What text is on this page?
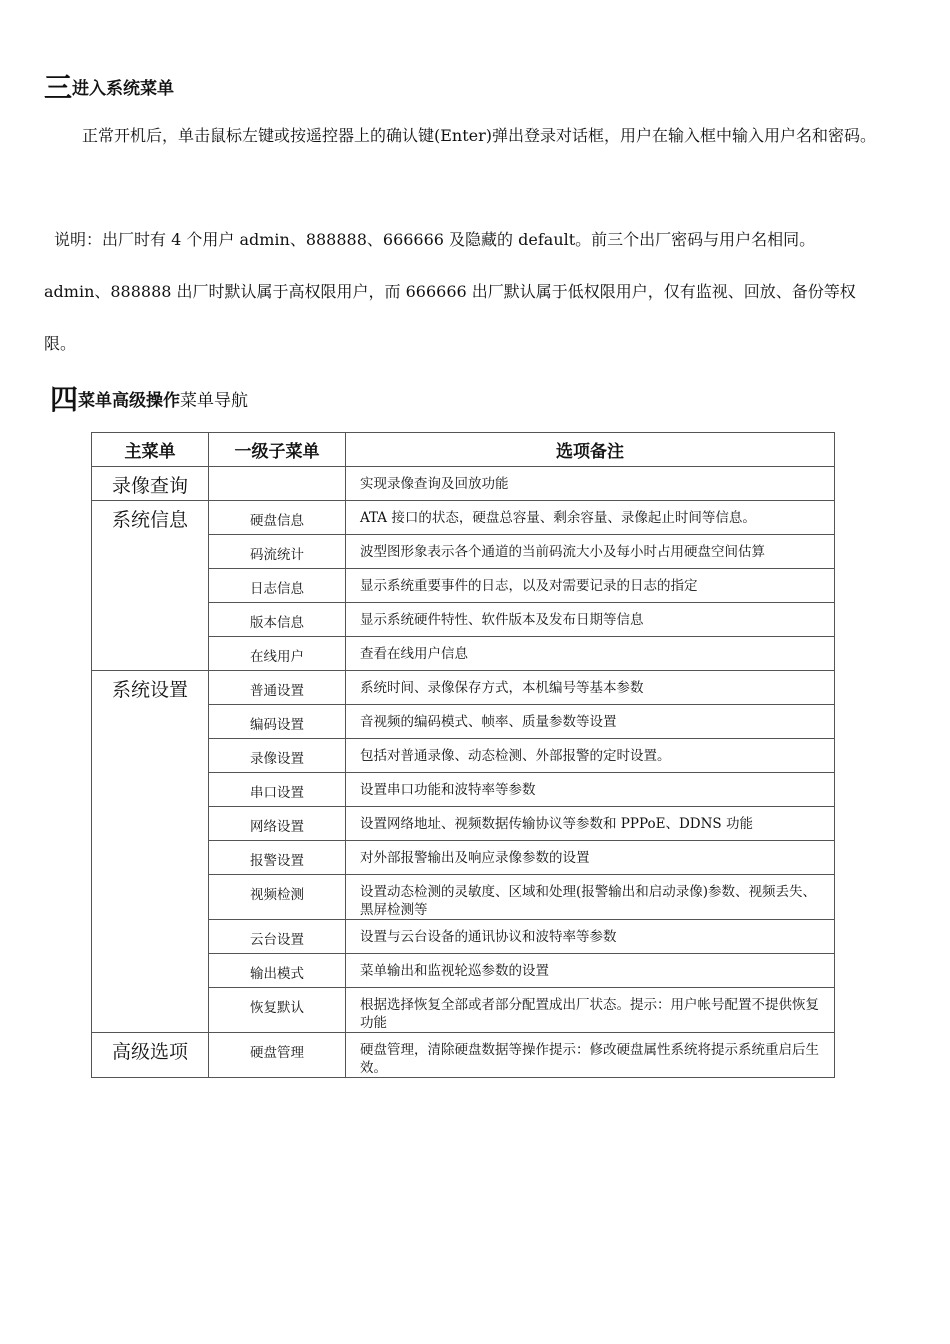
三进入系统菜单

正常开机后，单击鼠标左键或按遥控器上的确认键(Enter)弹出登录对话框，用户在输入框中输入用户名和密码。

说明：出厂时有 4 个用户 admin、888888、666666 及隐藏的 default。前三个出厂密码与用户名相同。
admin、888888 出厂时默认属于高权限用户，而 666666 出厂默认属于低权限用户，仅有监视、回放、备份等权限。

四菜单高级操作菜单导航
主菜单	一级子菜单	选项备注
录像查询		实现录像查询及回放功能
系统信息	硬盘信息	ATA 接口的状态，硬盘总容量、剩余容量、录像起止时间等信息。
	码流统计	波型图形象表示各个通道的当前码流大小及每小时占用硬盘空间估算
	日志信息	显示系统重要事件的日志，以及对需要记录的日志的指定
	版本信息	显示系统硬件特性、软件版本及发布日期等信息
	在线用户	查看在线用户信息
系统设置	普通设置	系统时间、录像保存方式，本机编号等基本参数
	编码设置	音视频的编码模式、帧率、质量参数等设置
	录像设置	包括对普通录像、动态检测、外部报警的定时设置。
	串口设置	设置串口功能和波特率等参数
	网络设置	设置网络地址、视频数据传输协议等参数和 PPPoE、DDNS 功能
	报警设置	对外部报警输出及响应录像参数的设置
	视频检测	设置动态检测的灵敏度、区域和处理(报警输出和启动录像)参数、视频丢失、黑屏检测等
	云台设置	设置与云台设备的通讯协议和波特率等参数
	输出模式	菜单输出和监视轮巡参数的设置
	恢复默认	根据选择恢复全部或者部分配置成出厂状态。提示：用户帐号配置不提供恢复功能
高级选项	硬盘管理	硬盘管理，清除硬盘数据等操作提示：修改硬盘属性系统将提示系统重启后生效。
